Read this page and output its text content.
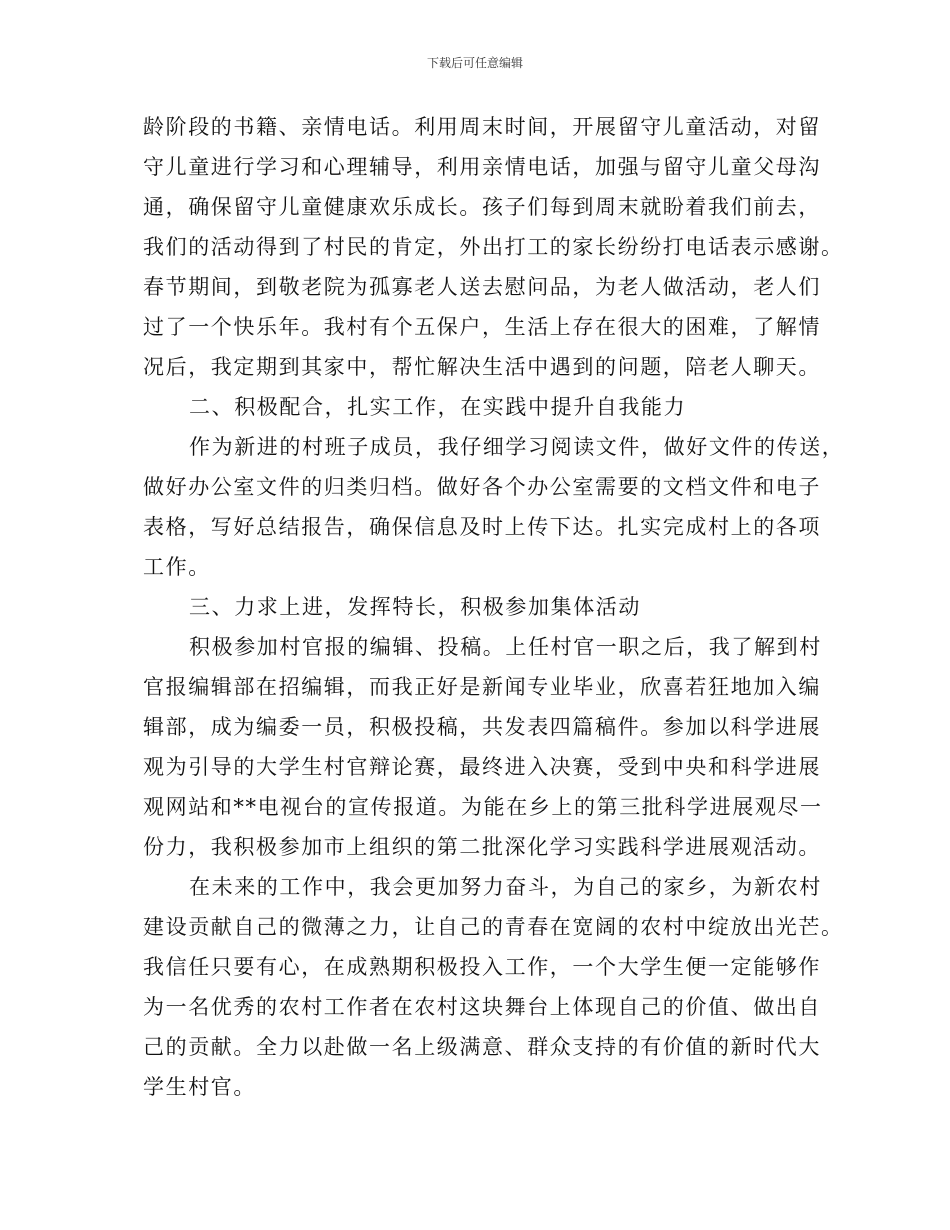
下载后可任意编辑
龄阶段的书籍、亲情电话。利用周末时间，开展留守儿童活动，对留
守儿童进行学习和心理辅导，利用亲情电话，加强与留守儿童父母沟
通，确保留守儿童健康欢乐成长。孩子们每到周末就盼着我们前去，
我们的活动得到了村民的肯定，外出打工的家长纷纷打电话表示感谢。
春节期间，到敬老院为孤寡老人送去慰问品，为老人做活动，老人们
过了一个快乐年。我村有个五保户，生活上存在很大的困难，了解情
况后，我定期到其家中，帮忙解决生活中遇到的问题，陪老人聊天。
二、积极配合，扎实工作，在实践中提升自我能力
作为新进的村班子成员，我仔细学习阅读文件，做好文件的传送，
做好办公室文件的归类归档。做好各个办公室需要的文档文件和电子
表格，写好总结报告，确保信息及时上传下达。扎实完成村上的各项
工作。
三、力求上进，发挥特长，积极参加集体活动
积极参加村官报的编辑、投稿。上任村官一职之后，我了解到村
官报编辑部在招编辑，而我正好是新闻专业毕业，欣喜若狂地加入编
辑部，成为编委一员，积极投稿，共发表四篇稿件。参加以科学进展
观为引导的大学生村官辩论赛，最终进入决赛，受到中央和科学进展
观网站和**电视台的宣传报道。为能在乡上的第三批科学进展观尽一
份力，我积极参加市上组织的第二批深化学习实践科学进展观活动。
在未来的工作中，我会更加努力奋斗，为自己的家乡，为新农村
建设贡献自己的微薄之力，让自己的青春在宽阔的农村中绽放出光芒。
我信任只要有心，在成熟期积极投入工作，一个大学生便一定能够作
为一名优秀的农村工作者在农村这块舞台上体现自己的价值、做出自
己的贡献。全力以赴做一名上级满意、群众支持的有价值的新时代大
学生村官。
